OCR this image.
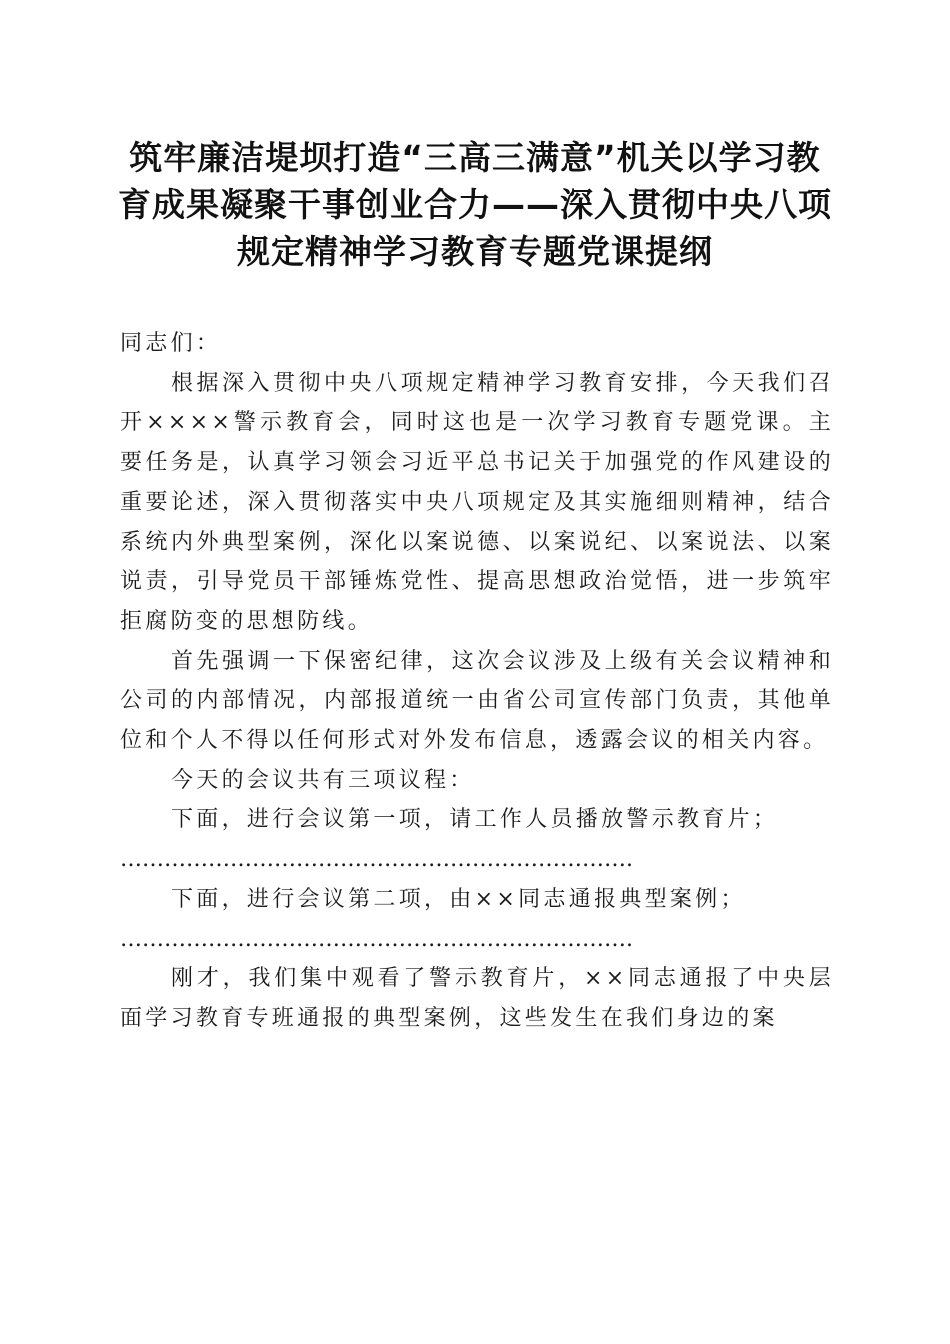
筑牢廉洁堤坝打造“三高三满意”机关以学习教育成果凝聚干事创业合力——深入贯彻中央八项规定精神学习教育专题党课提纲

同志们：

根据深入贯彻中央八项规定精神学习教育安排，今天我们召开××××警示教育会，同时这也是一次学习教育专题党课。主要任务是，认真学习领会习近平总书记关于加强党的作风建设的重要论述，深入贯彻落实中央八项规定及其实施细则精神，结合系统内外典型案例，深化以案说德、以案说纪、以案说法、以案说责，引导党员干部锤炼党性、提高思想政治觉悟，进一步筑牢拒腐防变的思想防线。

首先强调一下保密纪律，这次会议涉及上级有关会议精神和公司的内部情况，内部报道统一由省公司宣传部门负责，其他单位和个人不得以任何形式对外发布信息，透露会议的相关内容。

今天的会议共有三项议程：

下面，进行会议第一项，请工作人员播放警示教育片；

…………………………………………………………….

下面，进行会议第二项，由××同志通报典型案例；

…………………………………………………………….

刚才，我们集中观看了警示教育片，××同志通报了中央层面学习教育专班通报的典型案例，这些发生在我们身边的案
